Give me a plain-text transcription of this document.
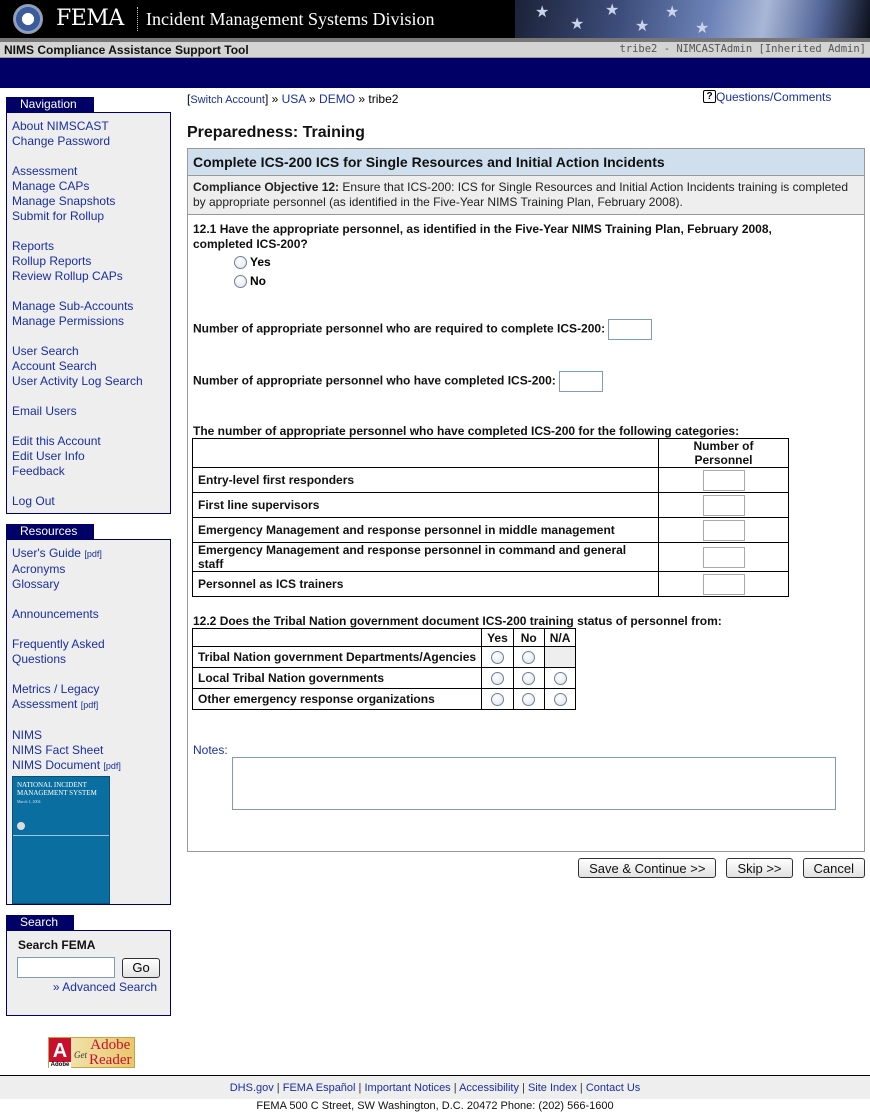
FEMA Incident Management Systems Division	★
★
★
★
★
★
NIMS Compliance Assistance Support Tool	tribe2 - NIMCASTAdmin [Inherited Admin]
Navigation
About NIMSCAST
Change Password
Assessment
Manage CAPs
Manage Snapshots
Submit for Rollup
Reports
Rollup Reports
Review Rollup CAPs
Manage Sub-Accounts
Manage Permissions
User Search
Account Search
User Activity Log Search
Email Users
Edit this Account
Edit User Info
Feedback
Log Out
Resources
User's Guide [pdf]
Acronyms
Glossary
Announcements
Frequently Asked
Questions
Metrics / Legacy
Assessment [pdf]
NIMS
NIMS Fact Sheet
NIMS Document [pdf]
NATIONAL INCIDENT MANAGEMENT SYSTEM
March 1, 2004
Search
Search FEMA
Go
» Advanced Search
A
Adobe
Get
Adobe
Reader
[Switch Account] » USA » DEMO » tribe2	? Questions/Comments
Preparedness: Training
Complete ICS-200 ICS for Single Resources and Initial Action Incidents
Compliance Objective 12: Ensure that ICS-200: ICS for Single Resources and Initial Action Incidents training is completed by appropriate personnel (as identified in the Five-Year NIMS Training Plan, February 2008).
12.1 Have the appropriate personnel, as identified in the Five-Year NIMS Training Plan, February 2008, completed ICS-200?
Yes
No
Number of appropriate personnel who are required to complete ICS-200:
Number of appropriate personnel who have completed ICS-200:
The number of appropriate personnel who have completed ICS-200 for the following categories:
	Number of Personnel
Entry-level first responders	
First line supervisors	
Emergency Management and response personnel in middle management	
Emergency Management and response personnel in command and general staff	
Personnel as ICS trainers	
12.2 Does the Tribal Nation government document ICS-200 training status of personnel from:
	Yes	No	N/A
Tribal Nation government Departments/Agencies			
Local Tribal Nation governments			
Other emergency response organizations			
Notes:
Save & Continue >>	Skip >>	Cancel
DHS.gov | FEMA Español | Important Notices | Accessibility | Site Index | Contact Us
FEMA 500 C Street, SW Washington, D.C. 20472 Phone: (202) 566-1600
